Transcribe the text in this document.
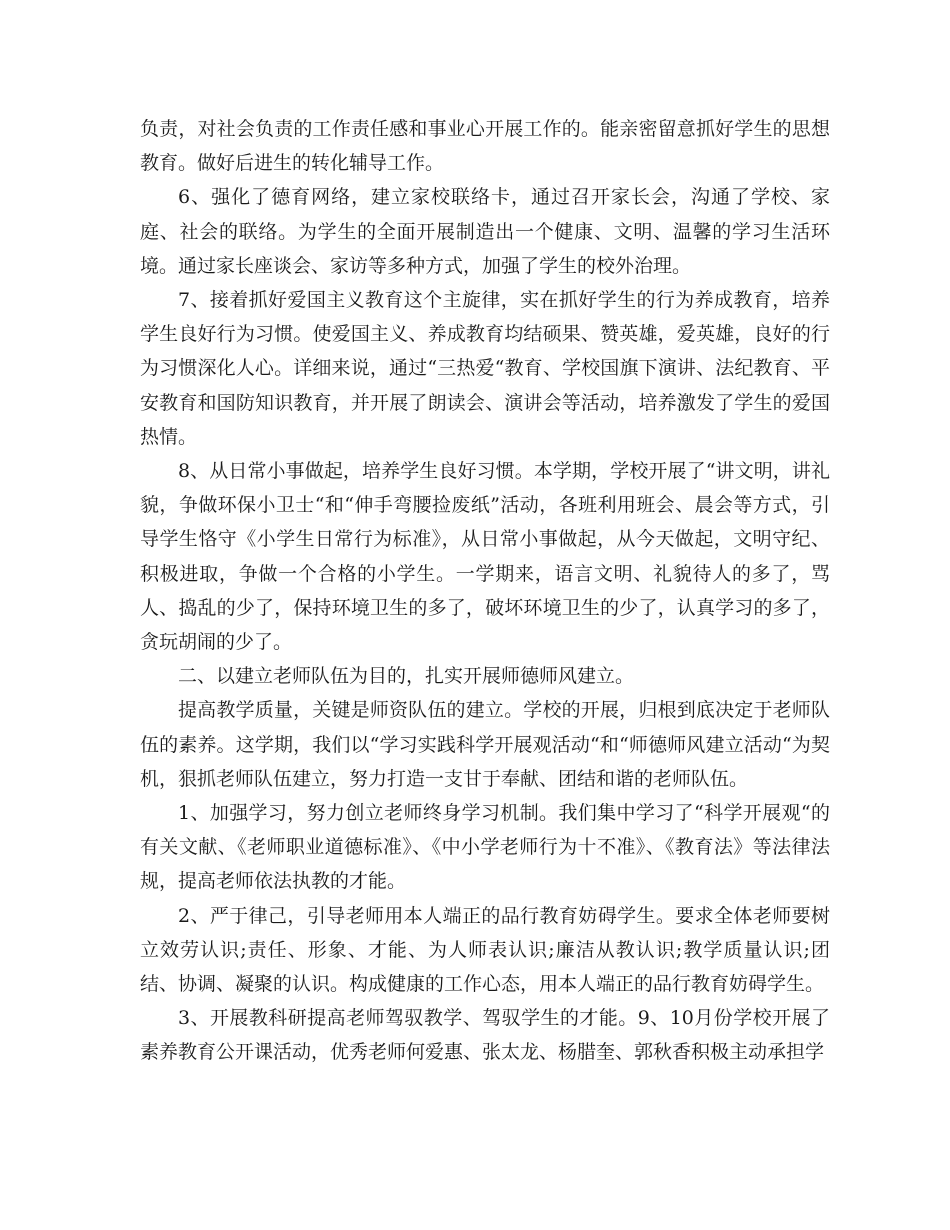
负责，对社会负责的工作责任感和事业心开展工作的。能亲密留意抓好学生的思想教育。做好后进生的转化辅导工作。

6、强化了德育网络，建立家校联络卡，通过召开家长会，沟通了学校、家庭、社会的联络。为学生的全面开展制造出一个健康、文明、温馨的学习生活环境。通过家长座谈会、家访等多种方式，加强了学生的校外治理。

7、接着抓好爱国主义教育这个主旋律，实在抓好学生的行为养成教育，培养学生良好行为习惯。使爱国主义、养成教育均结硕果、赞英雄，爱英雄，良好的行为习惯深化人心。详细来说，通过“三热爱“教育、学校国旗下演讲、法纪教育、平安教育和国防知识教育，并开展了朗读会、演讲会等活动，培养激发了学生的爱国热情。

8、从日常小事做起，培养学生良好习惯。本学期，学校开展了“讲文明，讲礼貌，争做环保小卫士“和“伸手弯腰捡废纸”活动，各班利用班会、晨会等方式，引导学生恪守《小学生日常行为标准》，从日常小事做起，从今天做起，文明守纪、积极进取，争做一个合格的小学生。一学期来，语言文明、礼貌待人的多了，骂人、捣乱的少了，保持环境卫生的多了，破坏环境卫生的少了，认真学习的多了，贪玩胡闹的少了。

二、以建立老师队伍为目的，扎实开展师德师风建立。

提高教学质量，关键是师资队伍的建立。学校的开展，归根到底决定于老师队伍的素养。这学期，我们以“学习实践科学开展观活动“和“师德师风建立活动“为契机，狠抓老师队伍建立，努力打造一支甘于奉献、团结和谐的老师队伍。

1、加强学习，努力创立老师终身学习机制。我们集中学习了“科学开展观“的有关文献、《老师职业道德标准》、《中小学老师行为十不准》、《教育法》等法律法规，提高老师依法执教的才能。

2、严于律己，引导老师用本人端正的品行教育妨碍学生。要求全体老师要树立效劳认识;责任、形象、才能、为人师表认识;廉洁从教认识;教学质量认识;团结、协调、凝聚的认识。构成健康的工作心态，用本人端正的品行教育妨碍学生。

3、开展教科研提高老师驾驭教学、驾驭学生的才能。9、10月份学校开展了素养教育公开课活动，优秀老师何爱惠、张太龙、杨腊奎、郭秋香积极主动承担学
